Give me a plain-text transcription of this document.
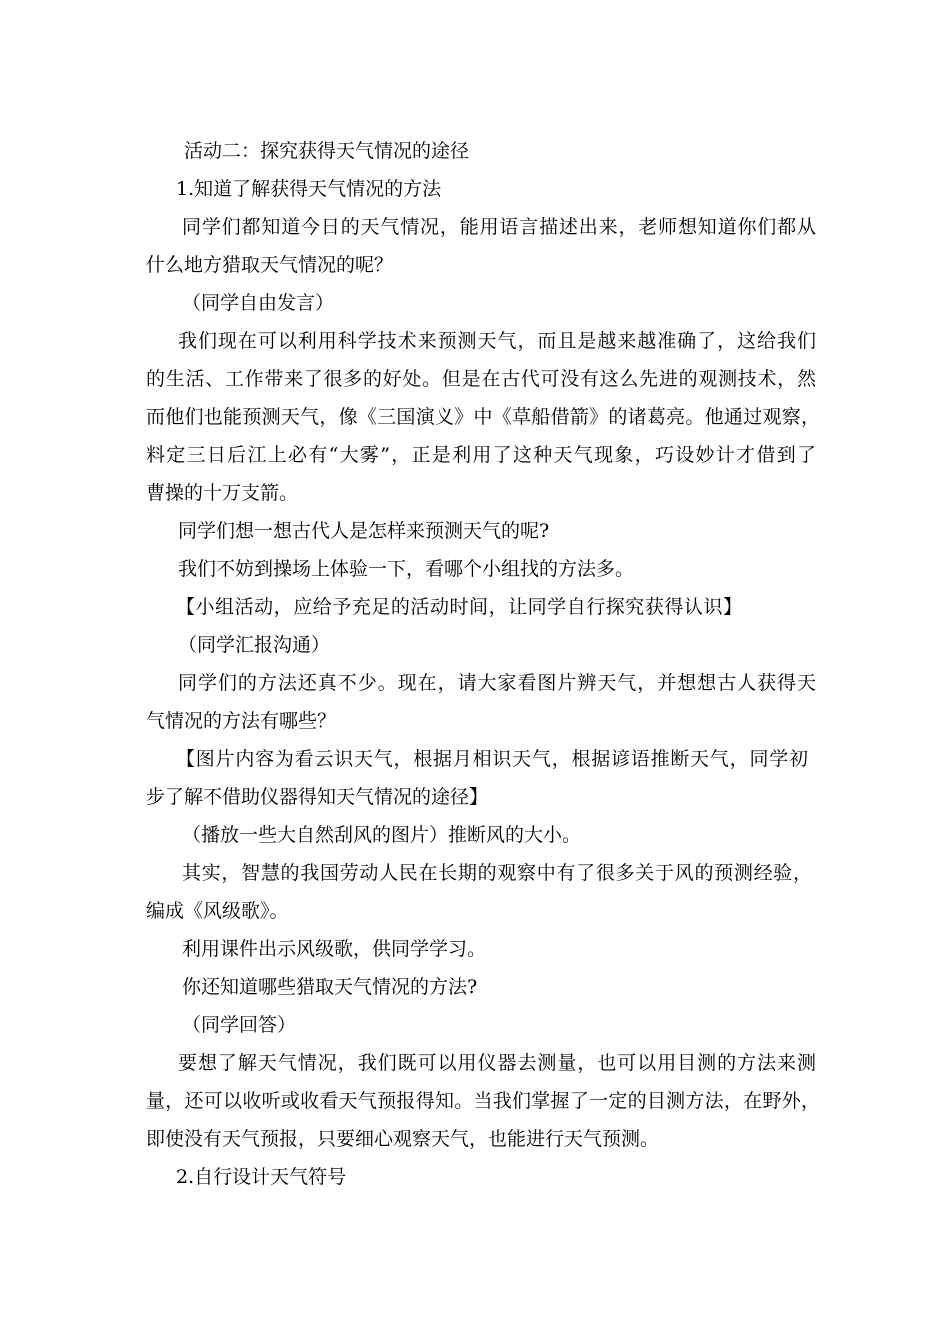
活动二：探究获得天气情况的途径
1.知道了解获得天气情况的方法
同学们都知道今日的天气情况，能用语言描述出来，老师想知道你们都从
什么地方猎取天气情况的呢？
（同学自由发言）
我们现在可以利用科学技术来预测天气，而且是越来越准确了，这给我们
的生活、工作带来了很多的好处。但是在古代可没有这么先进的观测技术，然
而他们也能预测天气，像《三国演义》中《草船借箭》的诸葛亮。他通过观察，
料定三日后江上必有“大雾”，正是利用了这种天气现象，巧设妙计才借到了
曹操的十万支箭。
同学们想一想古代人是怎样来预测天气的呢?
我们不妨到操场上体验一下，看哪个小组找的方法多。
【小组活动，应给予充足的活动时间，让同学自行探究获得认识】
（同学汇报沟通）
同学们的方法还真不少。现在，请大家看图片辨天气，并想想古人获得天
气情况的方法有哪些？
【图片内容为看云识天气，根据月相识天气，根据谚语推断天气，同学初
步了解不借助仪器得知天气情况的途径】
（播放一些大自然刮风的图片）推断风的大小。
其实，智慧的我国劳动人民在长期的观察中有了很多关于风的预测经验，
编成《风级歌》。
利用课件出示风级歌，供同学学习。
你还知道哪些猎取天气情况的方法?
（同学回答）
要想了解天气情况，我们既可以用仪器去测量，也可以用目测的方法来测
量，还可以收听或收看天气预报得知。当我们掌握了一定的目测方法，在野外，
即使没有天气预报，只要细心观察天气，也能进行天气预测。
2.自行设计天气符号
